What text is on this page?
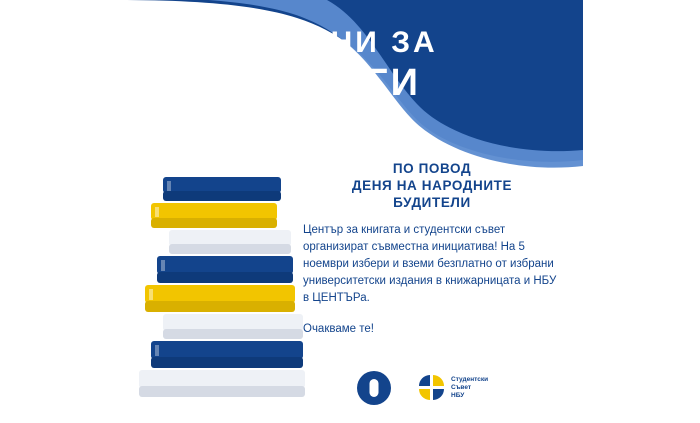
БУДНИ ЗА
КНИГИ
ПО ПОВОД
ДЕНЯ НА НАРОДНИТЕ
БУДИТЕЛИ

Център за книгата и студентски съвет организират съвместна инициатива! На 5 ноември избери и вземи безплатно от избрани университетски издания в книжарницата и НБУ в ЦЕНТЪРа.

Очакваме те!

Студентски
Съвет
НБУ
